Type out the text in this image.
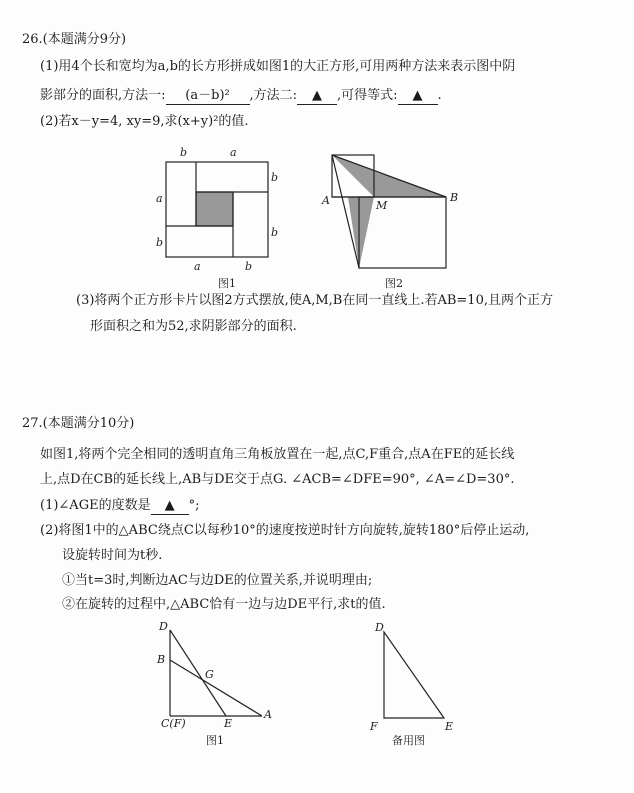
26.(本题满分9分)
(1)用4个长和宽均为a,b的长方形拼成如图1的大正方形,可用两种方法来表示图中阴
影部分的面积,方法一: (a－b)² ,方法二: ▲ ,可得等式: ▲ .
(2)若x－y=4, xy=9,求(x+y)²的值.
b	a
b
b
a
b
a	b
图1
A	M
B
图2
D
B
G
C(F)	E
A
图1
D
F	E
备用图
(3)将两个正方形卡片以图2方式摆放,使A,M,B在同一直线上.若AB=10,且两个正方
形面积之和为52,求阴影部分的面积.
27.(本题满分10分)
如图1,将两个完全相同的透明直角三角板放置在一起,点C,F重合,点A在FE的延长线
上,点D在CB的延长线上,AB与DE交于点G. ∠ACB=∠DFE=90°, ∠A=∠D=30°.
(1)∠AGE的度数是 ▲ °;
(2)将图1中的△ABC绕点C以每秒10°的速度按逆时针方向旋转,旋转180°后停止运动,
设旋转时间为t秒.
①当t=3时,判断边AC与边DE的位置关系,并说明理由;
②在旋转的过程中,△ABC恰有一边与边DE平行,求t的值.
